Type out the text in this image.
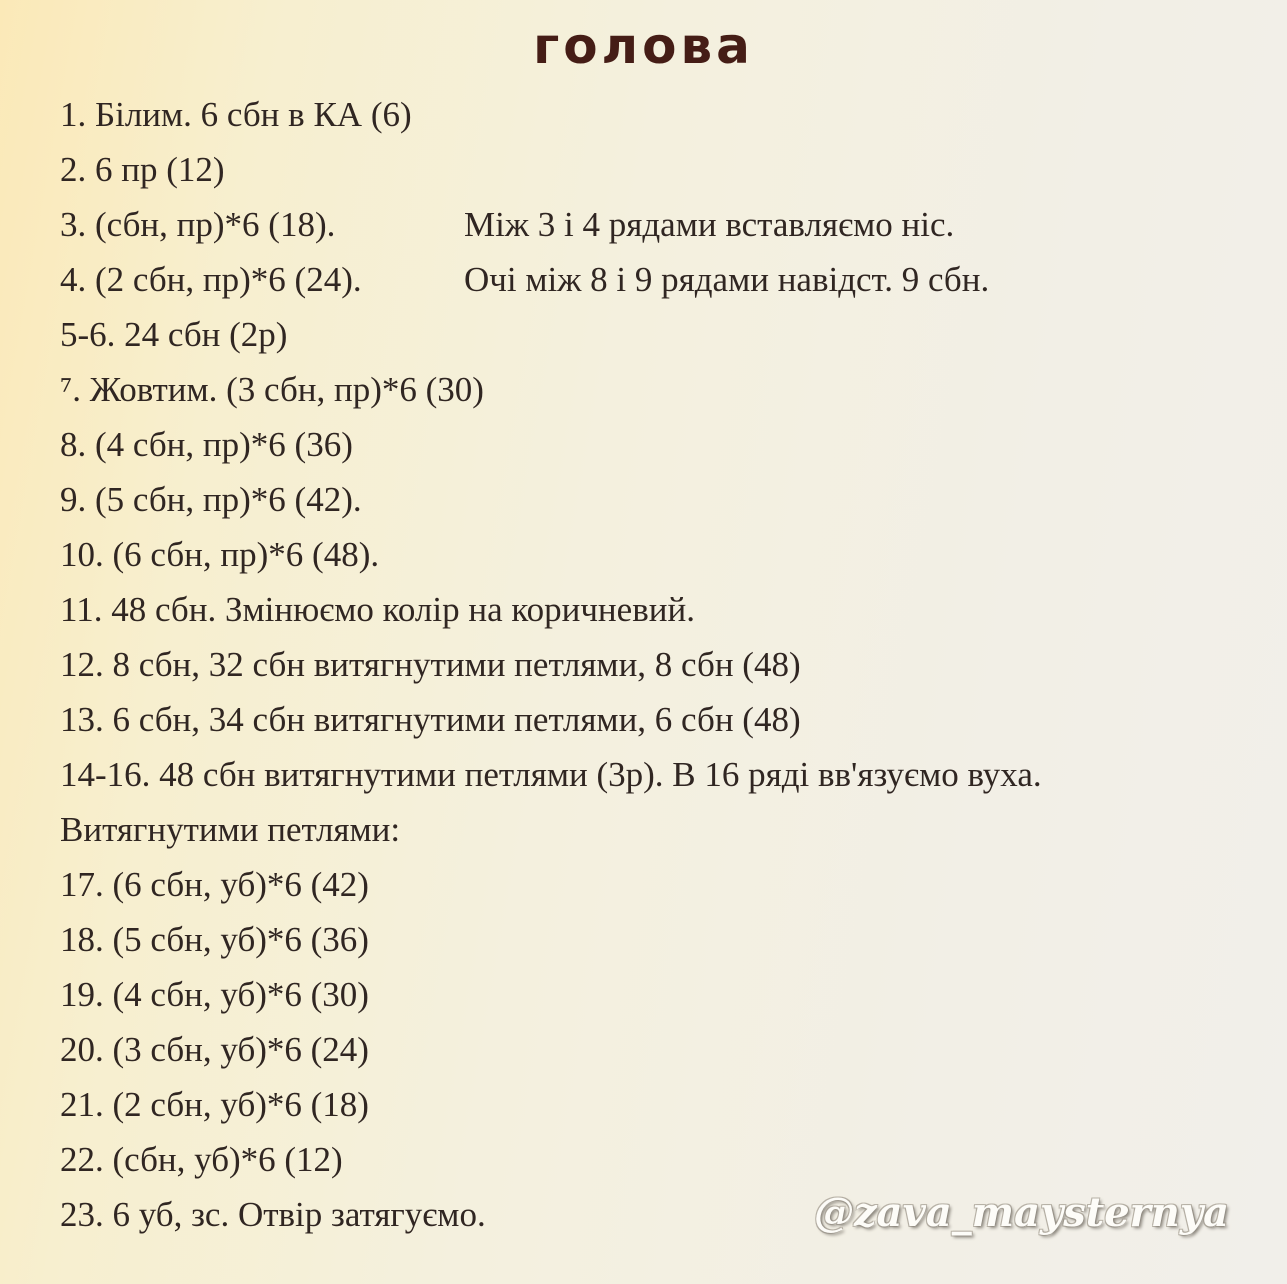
голова
1. Білим. 6 сбн в КА (6)
2. 6 пр (12)
3. (сбн, пр)*6 (18).	Між 3 і 4 рядами вставляємо ніс.
4. (2 сбн, пр)*6 (24).	Очі між 8 і 9 рядами навідст. 9 сбн.
5-6. 24 сбн (2р)
⁷. Жовтим. (3 сбн, пр)*6 (30)
8. (4 сбн, пр)*6 (36)
9. (5 сбн, пр)*6 (42).
10. (6 сбн, пр)*6 (48).
11. 48 сбн. Змінюємо колір на коричневий.
12. 8 сбн, 32 сбн витягнутими петлями, 8 сбн (48)
13. 6 сбн, 34 сбн витягнутими петлями, 6 сбн (48)
14-16. 48 сбн витягнутими петлями (3р). В 16 ряді вв'язуємо вуха.
Витягнутими петлями:
17. (6 сбн, уб)*6 (42)
18. (5 сбн, уб)*6 (36)
19. (4 сбн, уб)*6 (30)
20. (3 сбн, уб)*6 (24)
21. (2 сбн, уб)*6 (18)
22. (сбн, уб)*6 (12)
23. 6 уб, зс. Отвір затягуємо.	@zava_maysternya
